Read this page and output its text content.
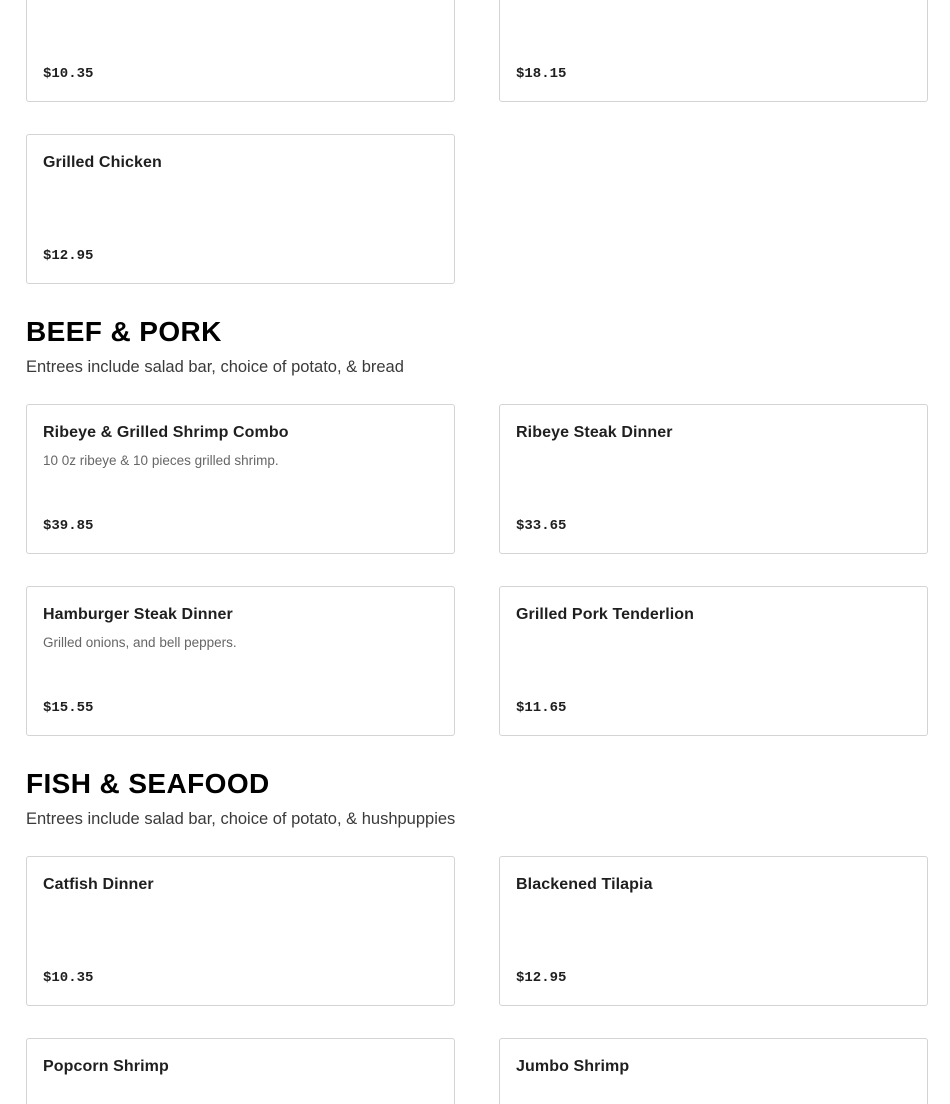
$10.35	$18.15
Grilled Chicken
$12.95
BEEF & PORK

Entrees include salad bar, choice of potato, & bread

Ribeye & Grilled Shrimp Combo
10 0z ribeye & 10 pieces grilled shrimp.
$39.85
Ribeye Steak Dinner
$33.65
Hamburger Steak Dinner
Grilled onions, and bell peppers.
$15.55
Grilled Pork Tenderlion
$11.65
FISH & SEAFOOD

Entrees include salad bar, choice of potato, & hushpuppies

Catfish Dinner
$10.35
Blackened Tilapia
$12.95
Popcorn Shrimp	Jumbo Shrimp
